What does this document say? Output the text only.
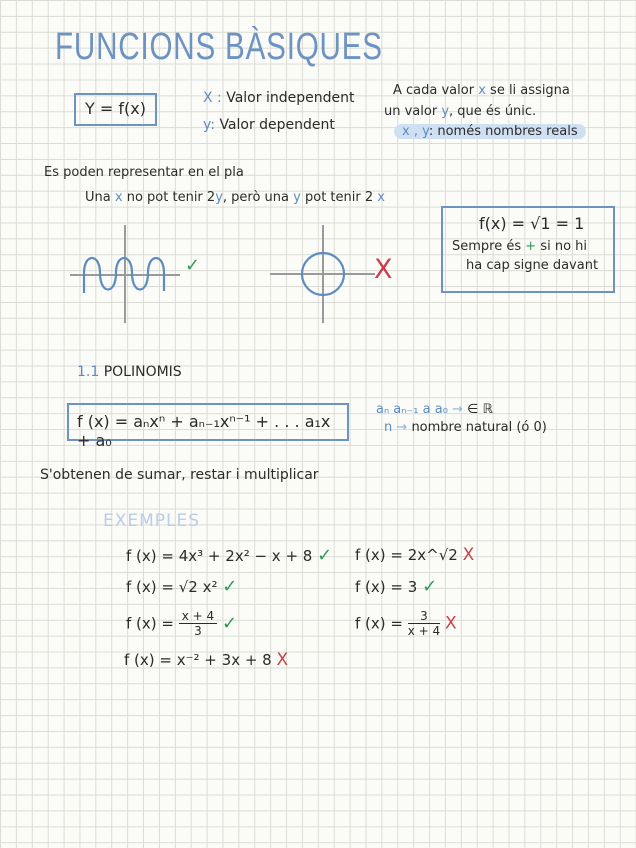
FUNCIONS BÀSIQUES
Y = f(x)
X : Valor independent
y: Valor dependent
A cada valor x se li assigna
un valor y, que és únic.
x , y: només nombres reals
Es poden representar en el pla
Una x no pot tenir 2y, però una y pot tenir 2 x
✓	X
f(x) = √1 = 1
Sempre és + si no hi
ha cap signe davant
1.1 POLINOMIS
f (x) = aₙxⁿ + aₙ₋₁xⁿ⁻¹ + . . . a₁x + a₀
aₙ aₙ₋₁ a a₀ → ∈ ℝ
n → nombre natural (ó 0)
S'obtenen de sumar, restar i multiplicar
EXEMPLES
f (x) = 4x³ + 2x² − x + 8 ✓
f (x) = √2 x² ✓
f $(x) = \frac{x + 4}{3}$ ✓
f (x) = x⁻² + 3x + 8 X
f (x) = 2x^√2 X
f (x) = 3 ✓
f $(x) = \frac{3}{x + 4}$ X
